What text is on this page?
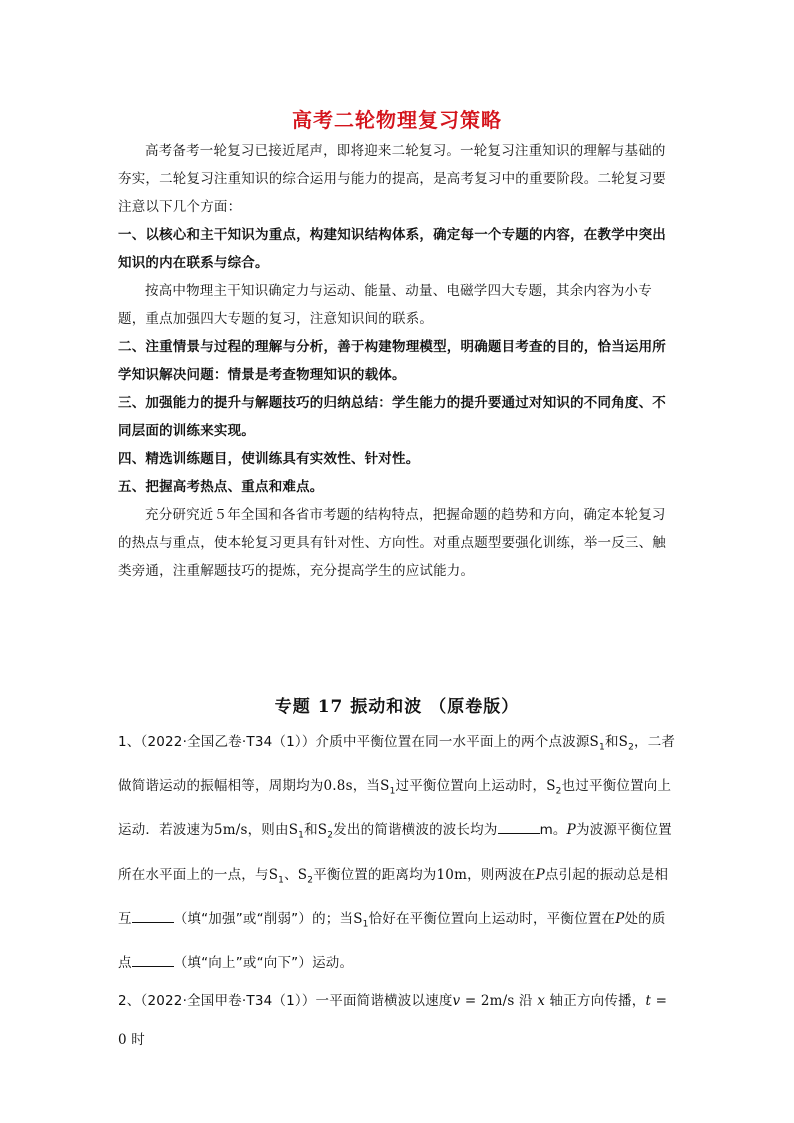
高考二轮物理复习策略

高考备考一轮复习已接近尾声，即将迎来二轮复习。一轮复习注重知识的理解与基础的夯实，二轮复习注重知识的综合运用与能力的提高，是高考复习中的重要阶段。二轮复习要注意以下几个方面：

一、以核心和主干知识为重点，构建知识结构体系，确定每一个专题的内容，在教学中突出知识的内在联系与综合。

按高中物理主干知识确定力与运动、能量、动量、电磁学四大专题，其余内容为小专题，重点加强四大专题的复习，注意知识间的联系。

二、注重情景与过程的理解与分析，善于构建物理模型，明确题目考查的目的，恰当运用所学知识解决问题：情景是考查物理知识的载体。

三、加强能力的提升与解题技巧的归纳总结：学生能力的提升要通过对知识的不同角度、不同层面的训练来实现。

四、精选训练题目，使训练具有实效性、针对性。

五、把握高考热点、重点和难点。

充分研究近５年全国和各省市考题的结构特点，把握命题的趋势和方向，确定本轮复习的热点与重点，使本轮复习更具有针对性、方向性。对重点题型要强化训练，举一反三、触类旁通，注重解题技巧的提炼，充分提高学生的应试能力。

专题 17 振动和波 （原卷版）

1、（2022·全国乙卷·T34（1））介质中平衡位置在同一水平面上的两个点波源$S_1$和$S_2$，二者做简谐运动的振幅相等，周期均为0.8s，当$S_1$过平衡位置向上运动时，$S_2$也过平衡位置向上运动．若波速为5m/s，则由$S_1$和$S_2$发出的简谐横波的波长均为	m。P为波源平衡位置所在水平面上的一点，与$S_1$、$S_2$平衡位置的距离均为10m，则两波在P点引起的振动总是相互	（填“加强”或“削弱”）的；当$S_1$恰好在平衡位置向上运动时，平衡位置在P处的质点	（填“向上”或“向下”）运动。

2、（2022·全国甲卷·T34（1））一平面简谐横波以速度v = 2m/s 沿 x 轴正方向传播，t = 0 时
